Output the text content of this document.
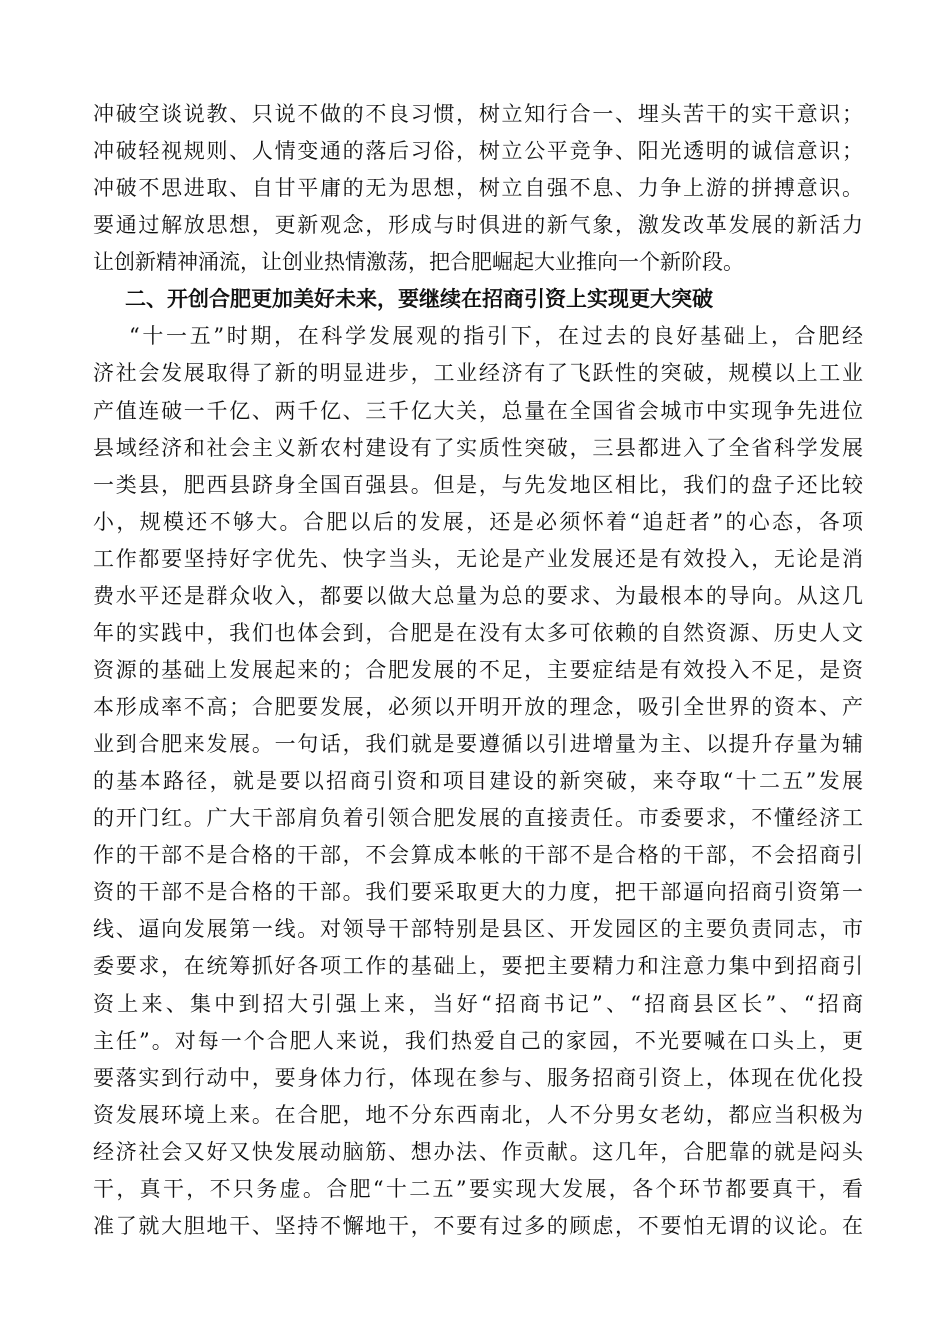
冲破空谈说教、只说不做的不良习惯，树立知行合一、埋头苦干的实干意识；
冲破轻视规则、人情变通的落后习俗，树立公平竞争、阳光透明的诚信意识；
冲破不思进取、自甘平庸的无为思想，树立自强不息、力争上游的拼搏意识。
要通过解放思想，更新观念，形成与时俱进的新气象，激发改革发展的新活力
让创新精神涌流，让创业热情激荡，把合肥崛起大业推向一个新阶段。
二、开创合肥更加美好未来，要继续在招商引资上实现更大突破
“十一五”时期，在科学发展观的指引下，在过去的良好基础上，合肥经
济社会发展取得了新的明显进步，工业经济有了飞跃性的突破，规模以上工业
产值连破一千亿、两千亿、三千亿大关，总量在全国省会城市中实现争先进位
县域经济和社会主义新农村建设有了实质性突破，三县都进入了全省科学发展
一类县，肥西县跻身全国百强县。但是，与先发地区相比，我们的盘子还比较
小，规模还不够大。合肥以后的发展，还是必须怀着“追赶者”的心态，各项
工作都要坚持好字优先、快字当头，无论是产业发展还是有效投入，无论是消
费水平还是群众收入，都要以做大总量为总的要求、为最根本的导向。从这几
年的实践中，我们也体会到，合肥是在没有太多可依赖的自然资源、历史人文
资源的基础上发展起来的；合肥发展的不足，主要症结是有效投入不足，是资
本形成率不高；合肥要发展，必须以开明开放的理念，吸引全世界的资本、产
业到合肥来发展。一句话，我们就是要遵循以引进增量为主、以提升存量为辅
的基本路径，就是要以招商引资和项目建设的新突破，来夺取“十二五”发展
的开门红。广大干部肩负着引领合肥发展的直接责任。市委要求，不懂经济工
作的干部不是合格的干部，不会算成本帐的干部不是合格的干部，不会招商引
资的干部不是合格的干部。我们要采取更大的力度，把干部逼向招商引资第一
线、逼向发展第一线。对领导干部特别是县区、开发园区的主要负责同志，市
委要求，在统筹抓好各项工作的基础上，要把主要精力和注意力集中到招商引
资上来、集中到招大引强上来，当好“招商书记”、“招商县区长”、“招商
主任”。对每一个合肥人来说，我们热爱自己的家园，不光要喊在口头上，更
要落实到行动中，要身体力行，体现在参与、服务招商引资上，体现在优化投
资发展环境上来。在合肥，地不分东西南北，人不分男女老幼，都应当积极为
经济社会又好又快发展动脑筋、想办法、作贡献。这几年，合肥靠的就是闷头
干，真干，不只务虚。合肥“十二五”要实现大发展，各个环节都要真干，看
准了就大胆地干、坚持不懈地干，不要有过多的顾虑，不要怕无谓的议论。在
